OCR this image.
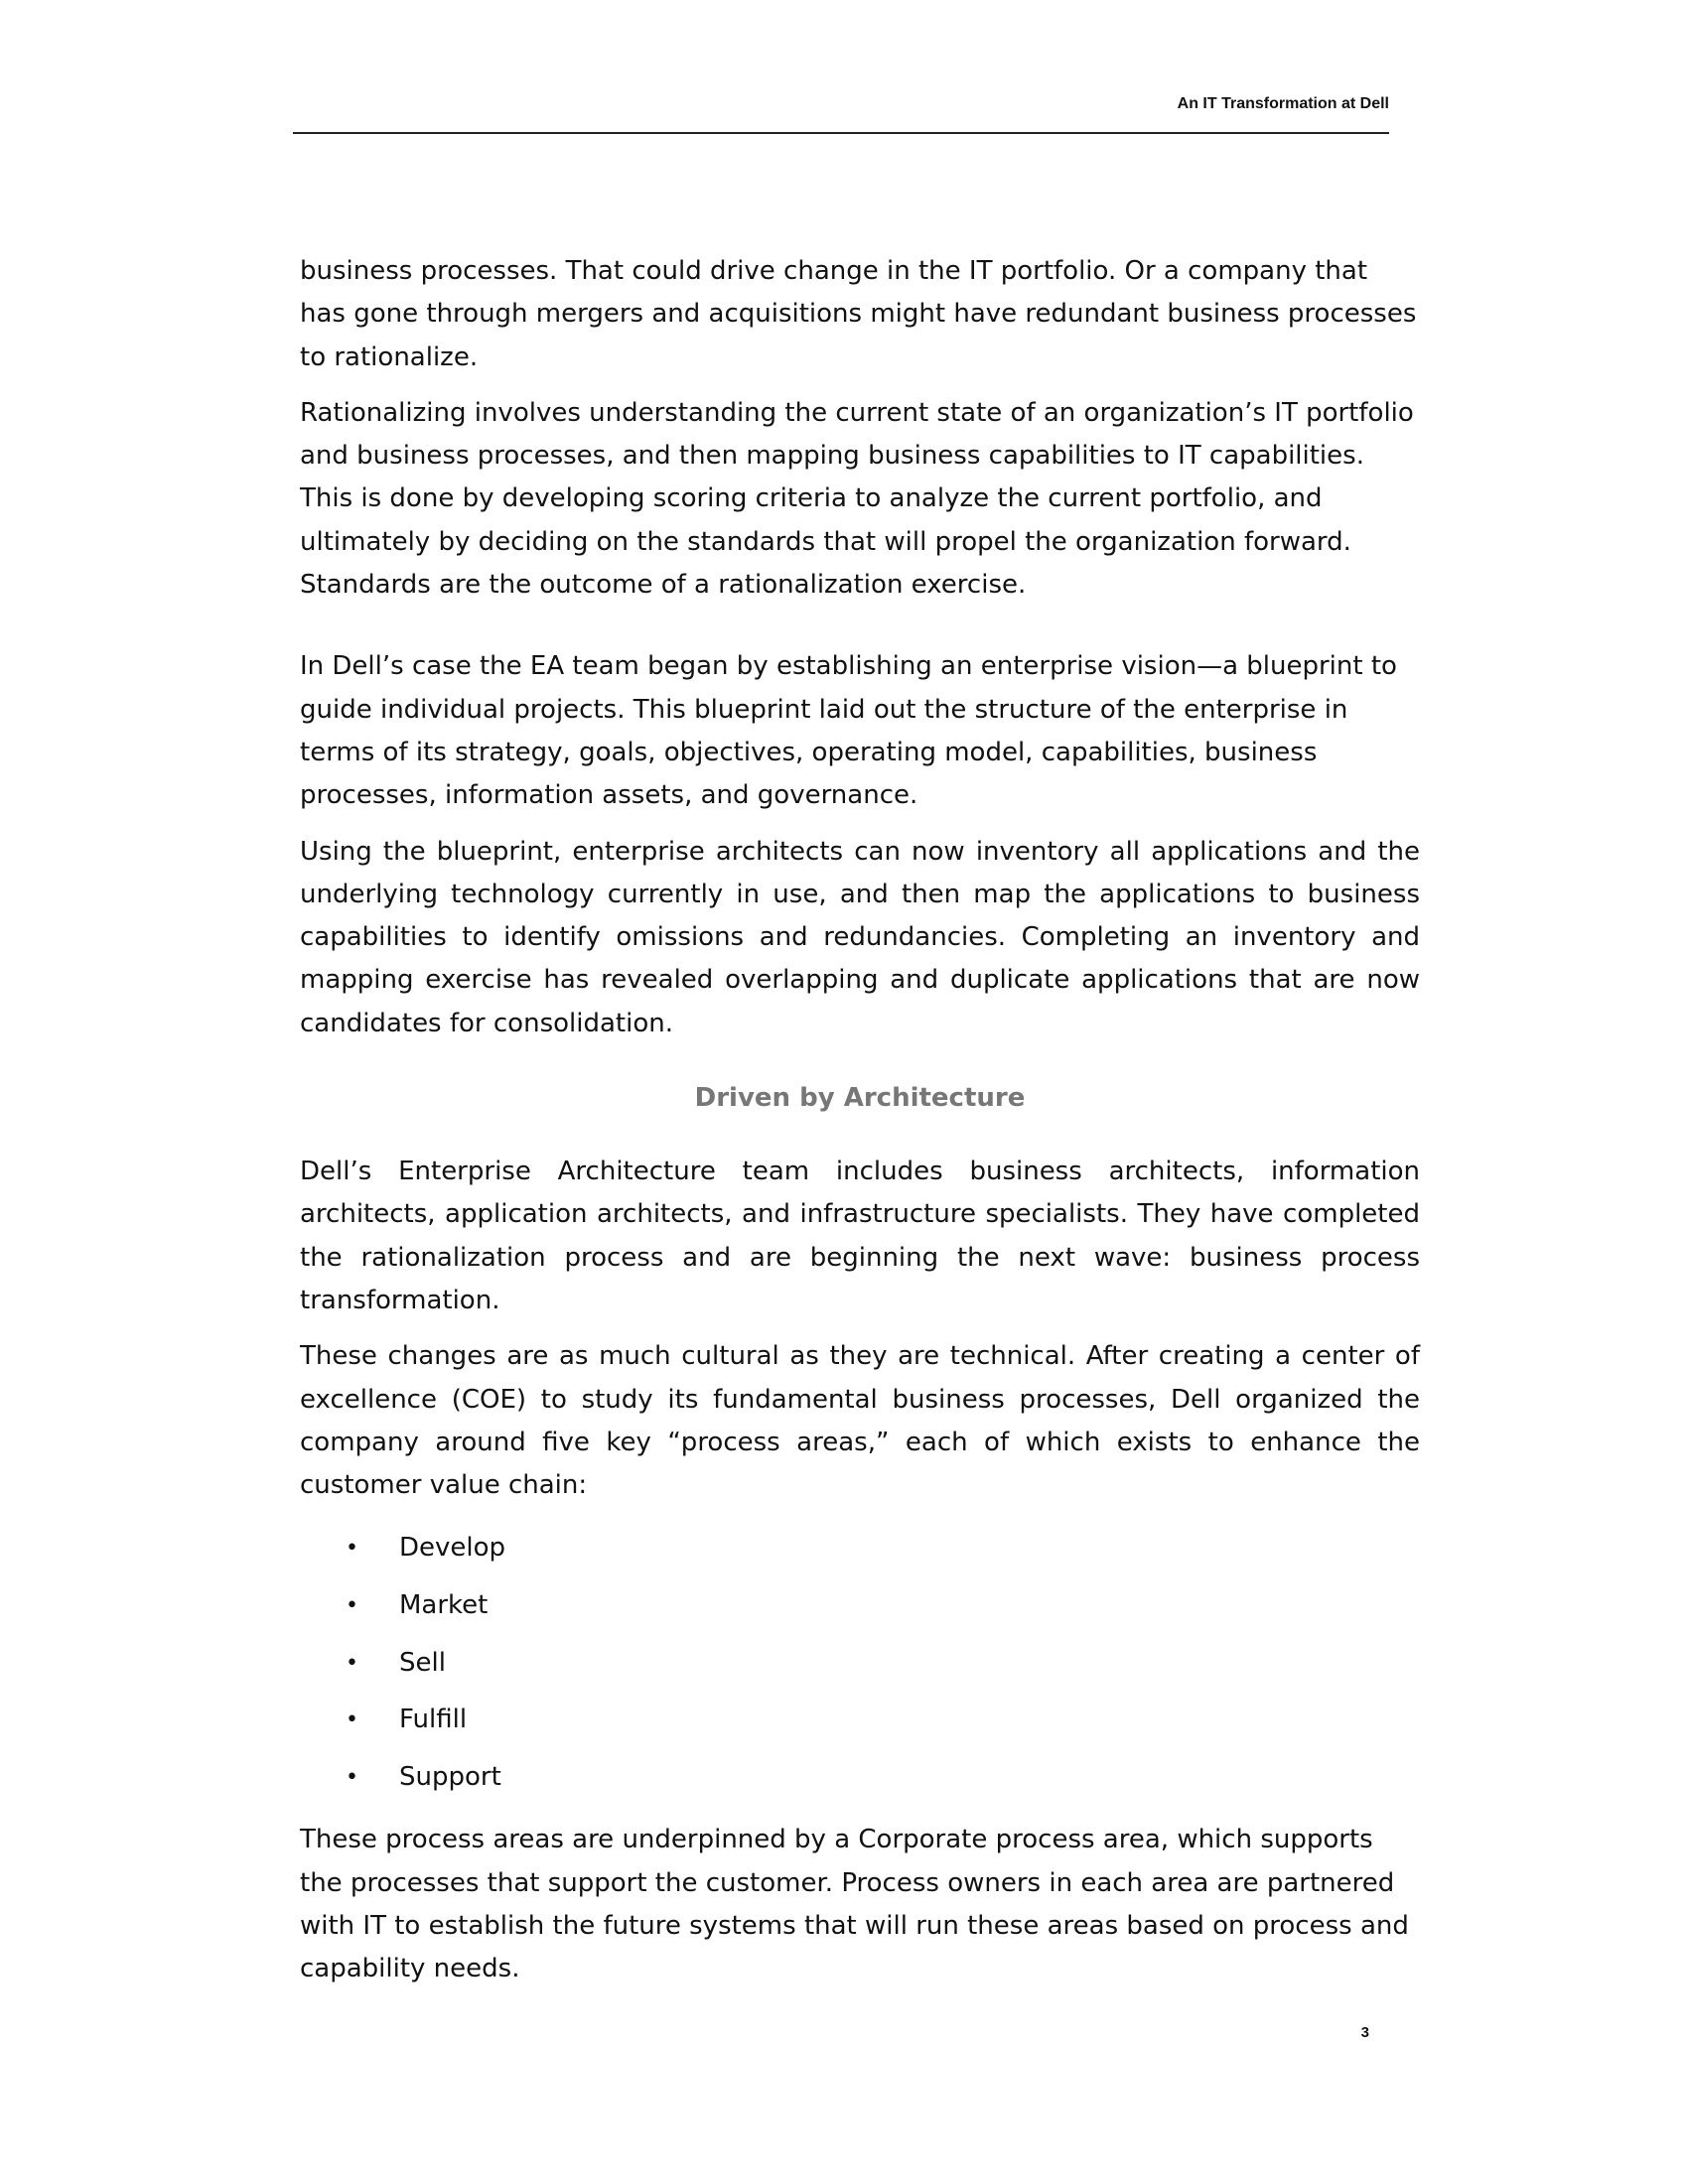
An IT Transformation at Dell

business processes. That could drive change in the IT portfolio. Or a company that has gone through mergers and acquisitions might have redundant business processes to rationalize.

Rationalizing involves understanding the current state of an organization’s IT portfolio and business processes, and then mapping business capabilities to IT capabilities. This is done by developing scoring criteria to analyze the current portfolio, and ultimately by deciding on the standards that will propel the organization forward. Standards are the outcome of a rationalization exercise.

In Dell’s case the EA team began by establishing an enterprise vision—a blueprint to guide individual projects. This blueprint laid out the structure of the enterprise in terms of its strategy, goals, objectives, operating model, capabilities, business processes, information assets, and governance.

Using the blueprint, enterprise architects can now inventory all applications and the underlying technology currently in use, and then map the applications to business capabilities to identify omissions and redundancies. Completing an inventory and mapping exercise has revealed overlapping and duplicate applications that are now candidates for consolidation.

Driven by Architecture

Dell’s Enterprise Architecture team includes business architects, information architects, application architects, and infrastructure specialists. They have completed the rationalization process and are beginning the next wave: business process transformation.

These changes are as much cultural as they are technical. After creating a center of excellence (COE) to study its fundamental business processes, Dell organized the company around five key “process areas,” each of which exists to enhance the customer value chain:

• Develop
• Market
• Sell
• Fulfill
• Support

These process areas are underpinned by a Corporate process area, which supports the processes that support the customer. Process owners in each area are partnered with IT to establish the future systems that will run these areas based on process and capability needs.

3
